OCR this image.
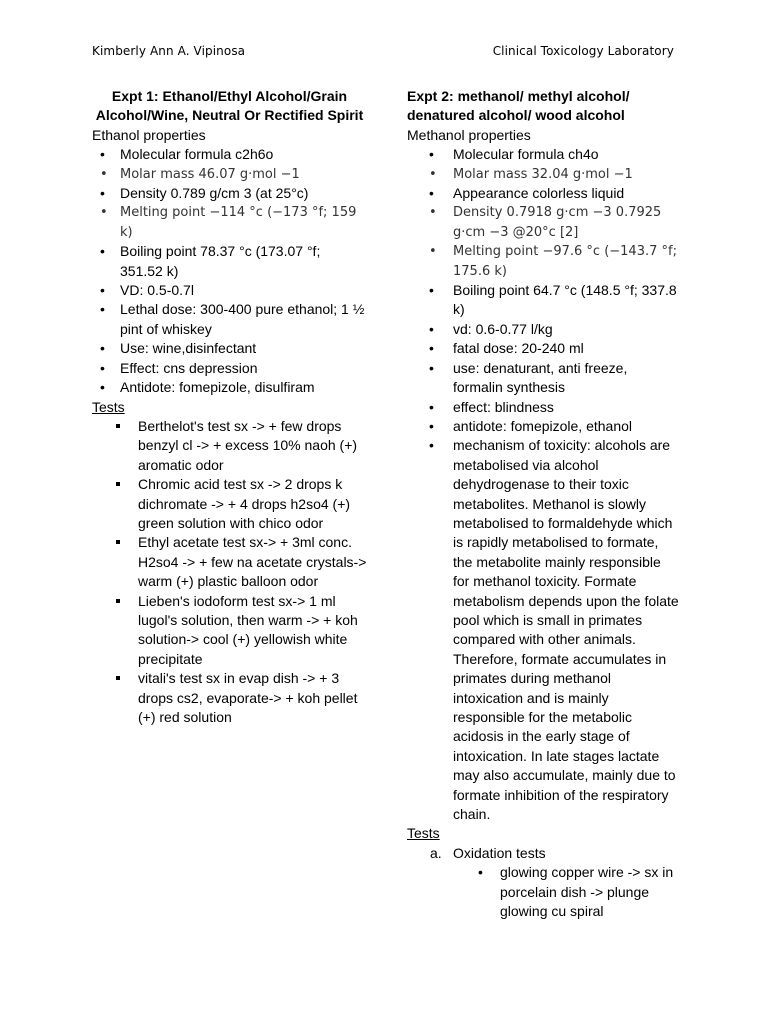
Kimberly Ann A. Vipinosa	Clinical Toxicology Laboratory
Expt 1: Ethanol/Ethyl Alcohol/Grain Alcohol/Wine, Neutral Or Rectified Spirit

Ethanol properties

• Molecular formula c2h6o
• Molar mass 46.07 g·mol −1
• Density 0.789 g/cm 3 (at 25°c)
• Melting point −114 °c (−173 °f; 159 k)
• Boiling point 78.37 °c (173.07 °f; 351.52 k)
• VD: 0.5-0.7l
• Lethal dose: 300-400 pure ethanol; 1 ½ pint of whiskey
• Use: wine,disinfectant
• Effect: cns depression
• Antidote: fomepizole, disulfiram

Tests

Berthelot's test sx -> + few drops benzyl cl -> + excess 10% naoh (+) aromatic odor
Chromic acid test sx -> 2 drops k dichromate -> + 4 drops h2so4 (+) green solution with chico odor
Ethyl acetate test sx-> + 3ml conc. H2so4 -> + few na acetate crystals-> warm (+) plastic balloon odor
Lieben's iodoform test sx-> 1 ml lugol's solution, then warm -> + koh solution-> cool (+) yellowish white precipitate
vitali's test sx in evap dish -> + 3 drops cs2, evaporate-> + koh pellet (+) red solution
Expt 2: methanol/ methyl alcohol/ denatured alcohol/ wood alcohol

Methanol properties

• Molecular formula ch4o
• Molar mass 32.04 g·mol −1
• Appearance colorless liquid
• Density 0.7918 g·cm −3 0.7925 g·cm −3 @20°c [2]
• Melting point −97.6 °c (−143.7 °f; 175.6 k)
• Boiling point 64.7 °c (148.5 °f; 337.8 k)
• vd: 0.6-0.77 l/kg
• fatal dose: 20-240 ml
• use: denaturant, anti freeze, formalin synthesis
• effect: blindness
• antidote: fomepizole, ethanol
• mechanism of toxicity: alcohols are metabolised via alcohol dehydrogenase to their toxic metabolites. Methanol is slowly metabolised to formaldehyde which is rapidly metabolised to formate, the metabolite mainly responsible for methanol toxicity. Formate metabolism depends upon the folate pool which is small in primates compared with other animals. Therefore, formate accumulates in primates during methanol intoxication and is mainly responsible for the metabolic acidosis in the early stage of intoxication. In late stages lactate may also accumulate, mainly due to formate inhibition of the respiratory chain.

Tests

a. Oxidation tests
• glowing copper wire -> sx in porcelain dish -> plunge glowing cu spiral
